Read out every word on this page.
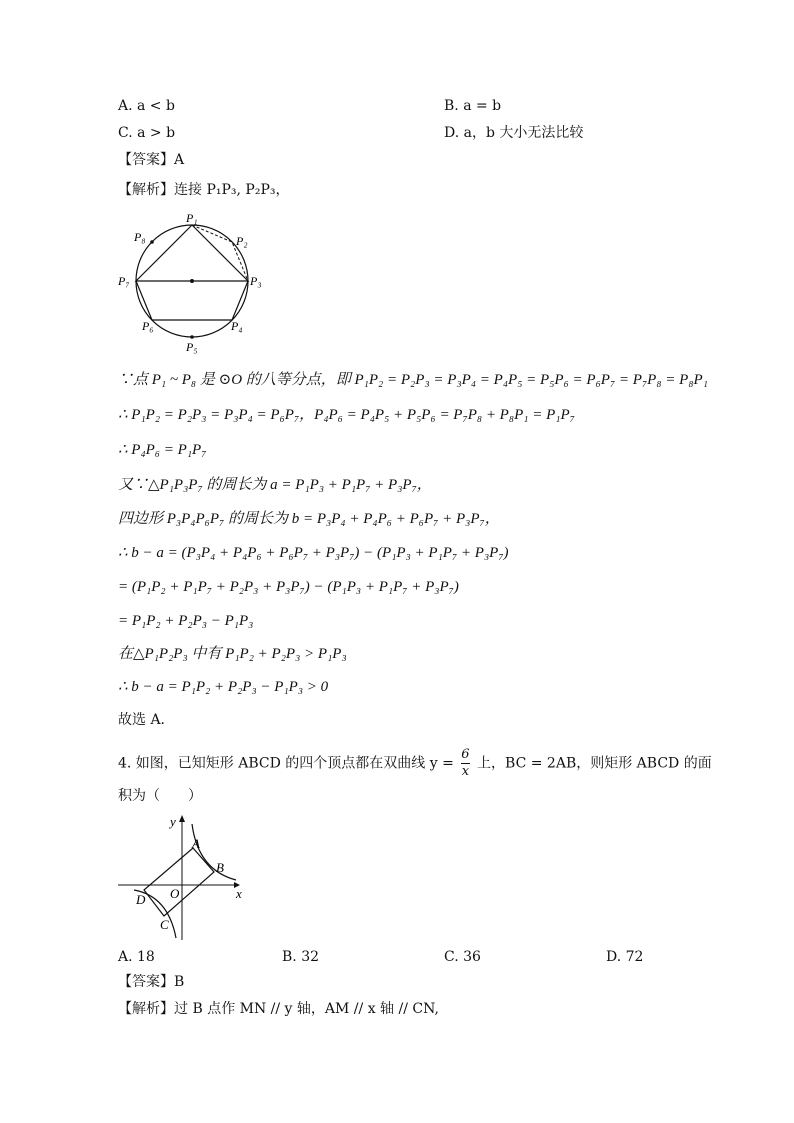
A. a < b	B. a = b
C. a > b	D. a，b 大小无法比较
【答案】A
【解析】连接 P₁P₃, P₂P₃，
P₁
P₂
P₃
P₄
P₅
P₆
P₇
P₈
∵点 P₁ ~ P₈ 是 ⊙O 的八等分点，即 P₁P₂ = P₂P₃ = P₃P₄ = P₄P₅ = P₅P₆ = P₆P₇ = P₇P₈ = P₈P₁
∴ P₁P₂ = P₂P₃ = P₃P₄ = P₆P₇，P₄P₆ = P₄P₅ + P₅P₆ = P₇P₈ + P₈P₁ = P₁P₇
∴ P₄P₆ = P₁P₇
又∵△P₁P₃P₇ 的周长为 a = P₁P₃ + P₁P₇ + P₃P₇，
四边形 P₃P₄P₆P₇ 的周长为 b = P₃P₄ + P₄P₆ + P₆P₇ + P₃P₇，
∴ b − a = (P₃P₄ + P₄P₆ + P₆P₇ + P₃P₇) − (P₁P₃ + P₁P₇ + P₃P₇)
= (P₁P₂ + P₁P₇ + P₂P₃ + P₃P₇) − (P₁P₃ + P₁P₇ + P₃P₇)
= P₁P₂ + P₂P₃ − P₁P₃
在△P₁P₂P₃ 中有 P₁P₂ + P₂P₃ > P₁P₃
∴ b − a = P₁P₂ + P₂P₃ − P₁P₃ > 0
故选 A．
4. 如图，已知矩形 ABCD 的四个顶点都在双曲线 $y = \frac{6}{x}$ 上，BC = 2AB，则矩形 ABCD 的面
积为（　　）
y
x
O
A
B
C
D
A. 18	B. 32	C. 36	D. 72
【答案】B
【解析】过 B 点作 MN // y 轴，AM // x 轴 // CN,
